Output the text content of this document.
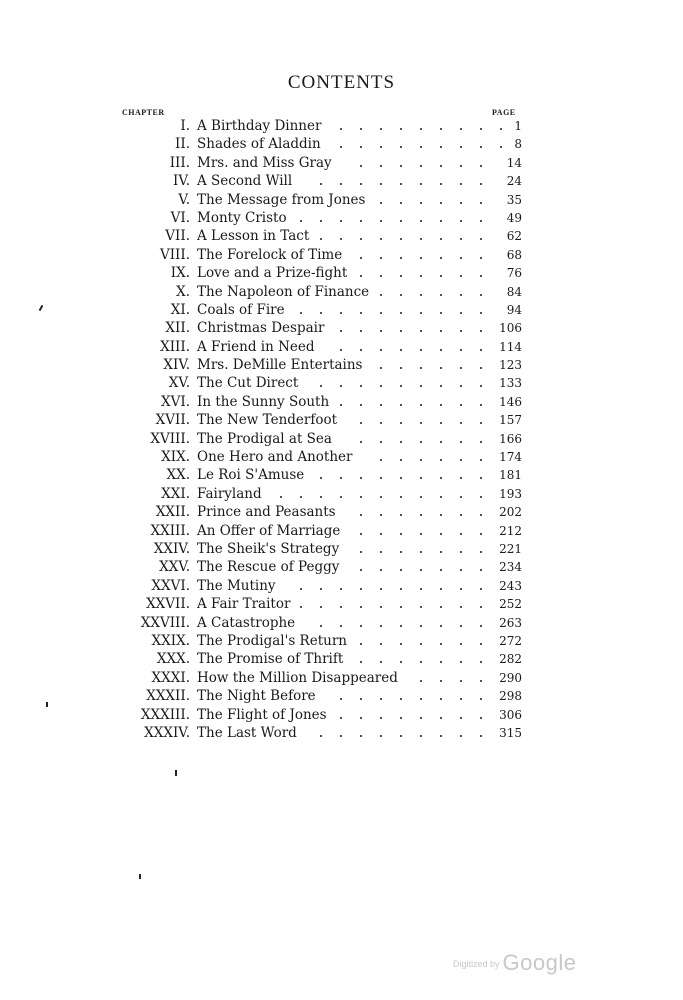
CONTENTS
CHAPTER	PAGE
I. A Birthday Dinner	1
II. Shades of Aladdin	8
III. Mrs. and Miss Gray	14
IV. A Second Will	24
V. The Message from Jones	35
VI. Monty Cristo	49
VII. A Lesson in Tact	62
VIII. The Forelock of Time	68
IX. Love and a Prize-fight	76
X. The Napoleon of Finance	84
XI. Coals of Fire	94
XII. Christmas Despair	106
XIII. A Friend in Need	114
XIV. Mrs. DeMille Entertains	123
XV. The Cut Direct	133
XVI. In the Sunny South	146
XVII. The New Tenderfoot	157
XVIII. The Prodigal at Sea	166
XIX. One Hero and Another	174
XX. Le Roi S'Amuse	181
XXI. Fairyland	193
XXII. Prince and Peasants	202
XXIII. An Offer of Marriage	212
XXIV. The Sheik's Strategy	221
XXV. The Rescue of Peggy	234
XXVI. The Mutiny	243
XXVII. A Fair Traitor	252
XXVIII. A Catastrophe	263
XXIX. The Prodigal's Return	272
XXX. The Promise of Thrift	282
XXXI. How the Million Disappeared	290
XXXII. The Night Before	298
XXXIII. The Flight of Jones	306
XXXIV. The Last Word	315
Digitized by Google
